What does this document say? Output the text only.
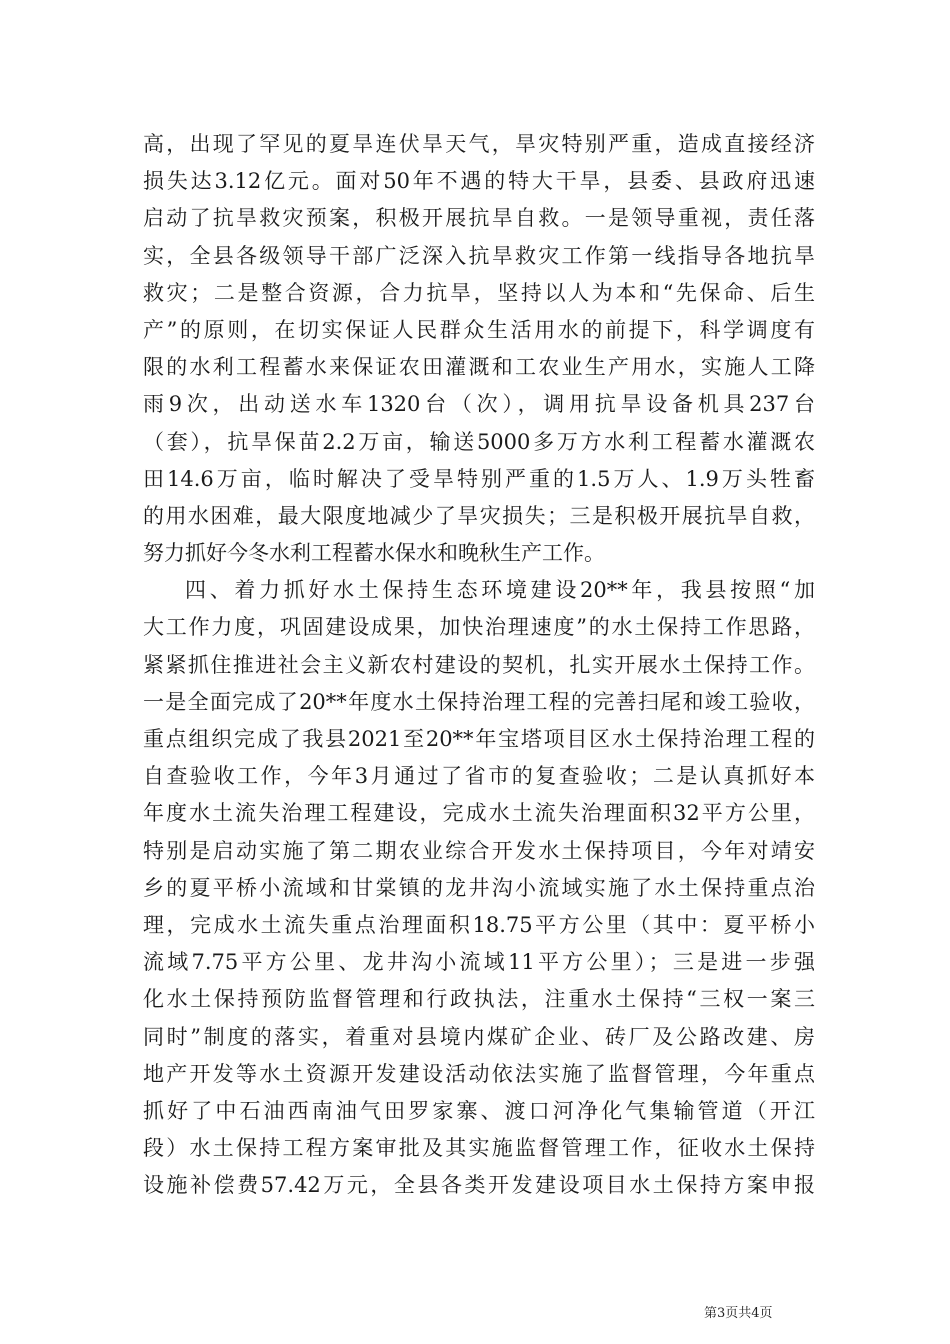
高，出现了罕见的夏旱连伏旱天气，旱灾特别严重，造成直接经济
损失达3.12亿元。面对50年不遇的特大干旱，县委、县政府迅速
启动了抗旱救灾预案，积极开展抗旱自救。一是领导重视，责任落
实，全县各级领导干部广泛深入抗旱救灾工作第一线指导各地抗旱
救灾；二是整合资源，合力抗旱，坚持以人为本和“先保命、后生
产”的原则，在切实保证人民群众生活用水的前提下，科学调度有
限的水利工程蓄水来保证农田灌溉和工农业生产用水，实施人工降
雨9次，出动送水车1320台（次），调用抗旱设备机具237台
（套），抗旱保苗2.2万亩，输送5000多万方水利工程蓄水灌溉农
田14.6万亩，临时解决了受旱特别严重的1.5万人、1.9万头牲畜
的用水困难，最大限度地减少了旱灾损失；三是积极开展抗旱自救，
努力抓好今冬水利工程蓄水保水和晚秋生产工作。
四、着力抓好水土保持生态环境建设20**年，我县按照“加
大工作力度，巩固建设成果，加快治理速度”的水土保持工作思路，
紧紧抓住推进社会主义新农村建设的契机，扎实开展水土保持工作。
一是全面完成了20**年度水土保持治理工程的完善扫尾和竣工验收，
重点组织完成了我县2021至20**年宝塔项目区水土保持治理工程的
自查验收工作，今年3月通过了省市的复查验收；二是认真抓好本
年度水土流失治理工程建设，完成水土流失治理面积32平方公里，
特别是启动实施了第二期农业综合开发水土保持项目，今年对靖安
乡的夏平桥小流域和甘棠镇的龙井沟小流域实施了水土保持重点治
理，完成水土流失重点治理面积18.75平方公里（其中：夏平桥小
流域7.75平方公里、龙井沟小流域11平方公里）；三是进一步强
化水土保持预防监督管理和行政执法，注重水土保持“三权一案三
同时”制度的落实，着重对县境内煤矿企业、砖厂及公路改建、房
地产开发等水土资源开发建设活动依法实施了监督管理，今年重点
抓好了中石油西南油气田罗家寨、渡口河净化气集输管道（开江
段）水土保持工程方案审批及其实施监督管理工作，征收水土保持
设施补偿费57.42万元，全县各类开发建设项目水土保持方案申报
第3页共4页
